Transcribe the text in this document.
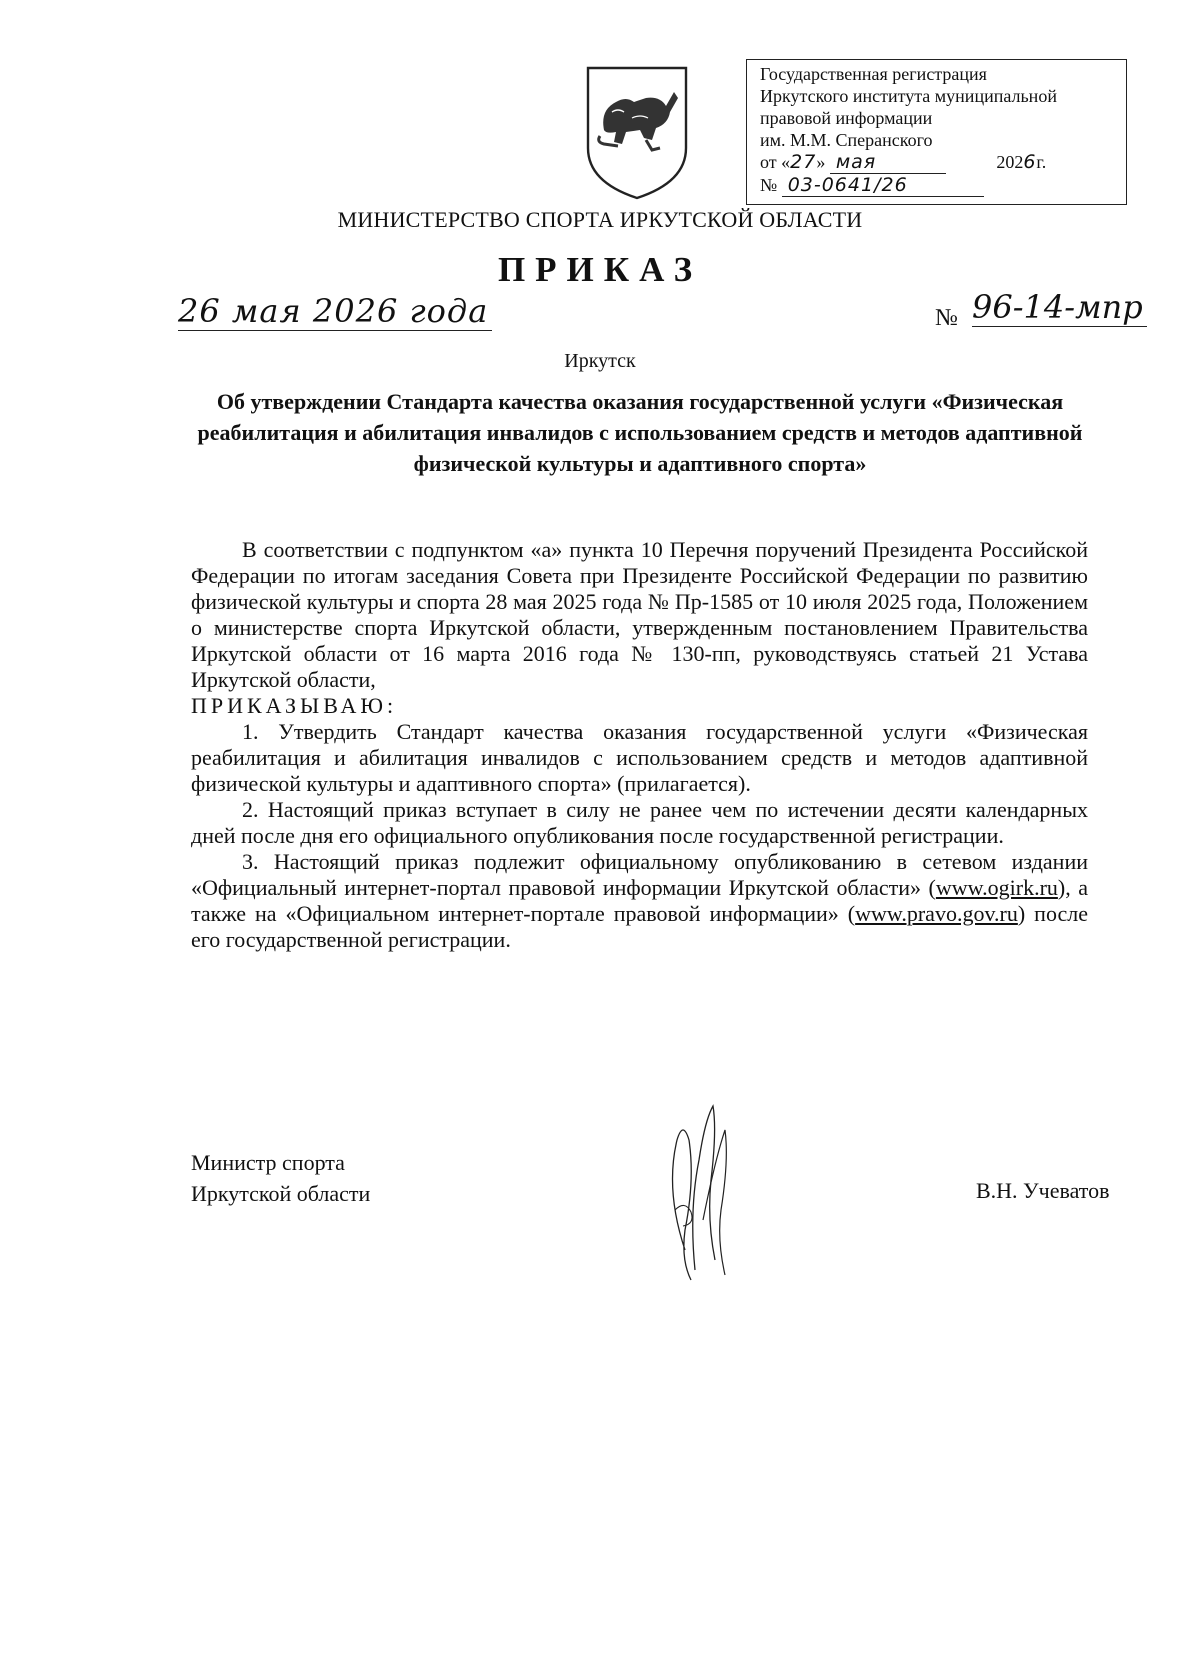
Государственная регистрация
Иркутского института муниципальной
правовой информации
им. М.М. Сперанского
от «27» мая	2026г.
№ 03-0641/26
МИНИСТЕРСТВО СПОРТА ИРКУТСКОЙ ОБЛАСТИ
ПРИКАЗ
26 мая 2026 года	№ 96-14-мпр
Иркутск
Об утверждении Стандарта качества оказания государственной услуги «Физическая реабилитация и абилитация инвалидов с использованием средств и методов адаптивной физической культуры и адаптивного спорта»

В соответствии с подпунктом «а» пункта 10 Перечня поручений Президента Российской Федерации по итогам заседания Совета при Президенте Российской Федерации по развитию физической культуры и спорта 28 мая 2025 года № Пр-1585 от 10 июля 2025 года, Положением о министерстве спорта Иркутской области, утвержденным постановлением Правительства Иркутской области от 16 марта 2016 года № 130-пп, руководствуясь статьей 21 Устава Иркутской области,

ПРИКАЗЫВАЮ:

1. Утвердить Стандарт качества оказания государственной услуги «Физическая реабилитация и абилитация инвалидов с использованием средств и методов адаптивной физической культуры и адаптивного спорта» (прилагается).

2. Настоящий приказ вступает в силу не ранее чем по истечении десяти календарных дней после дня его официального опубликования после государственной регистрации.

3. Настоящий приказ подлежит официальному опубликованию в сетевом издании «Официальный интернет-портал правовой информации Иркутской области» (www.ogirk.ru), а также на «Официальном интернет-портале правовой информации» (www.pravo.gov.ru) после его государственной регистрации.

Министр спорта
Иркутской области	В.Н. Учеватов
